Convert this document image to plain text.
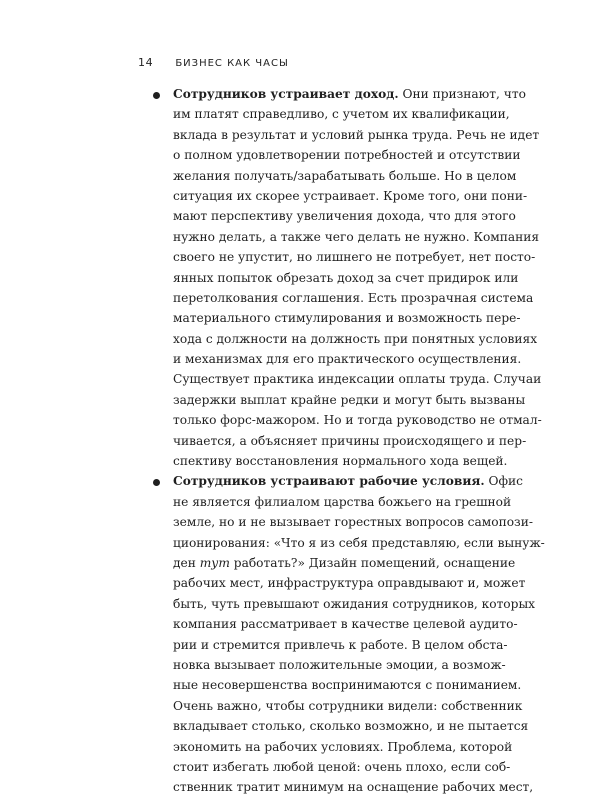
14 БИЗНЕС КАК ЧАСЫ
Сотрудников устраивает доход. Они признают, что
им платят справедливо, с учетом их квалификации,
вклада в результат и условий рынка труда. Речь не идет
о полном удовлетворении потребностей и отсутствии
желания получать/зарабатывать больше. Но в целом
ситуация их скорее устраивает. Кроме того, они пони-
мают перспективу увеличения дохода, что для этого
нужно делать, а также чего делать не нужно. Компания
своего не упустит, но лишнего не потребует, нет посто-
янных попыток обрезать доход за счет придирок или
перетолкования соглашения. Есть прозрачная система
материального стимулирования и возможность пере-
хода с должности на должность при понятных условиях
и механизмах для его практического осуществления.
Существует практика индексации оплаты труда. Случаи
задержки выплат крайне редки и могут быть вызваны
только форс-мажором. Но и тогда руководство не отмал-
чивается, а объясняет причины происходящего и пер-
спективу восстановления нормального хода вещей.
Сотрудников устраивают рабочие условия. Офис
не является филиалом царства божьего на грешной
земле, но и не вызывает горестных вопросов самопози-
ционирования: «Что я из себя представляю, если вынуж-
ден тут работать?» Дизайн помещений, оснащение
рабочих мест, инфраструктура оправдывают и, может
быть, чуть превышают ожидания сотрудников, которых
компания рассматривает в качестве целевой аудито-
рии и стремится привлечь к работе. В целом обста-
новка вызывает положительные эмоции, а возмож-
ные несовершенства воспринимаются с пониманием.
Очень важно, чтобы сотрудники видели: собственник
вкладывает столько, сколько возможно, и не пытается
экономить на рабочих условиях. Проблема, которой
стоит избегать любой ценой: очень плохо, если соб-
ственник тратит минимум на оснащение рабочих мест,
